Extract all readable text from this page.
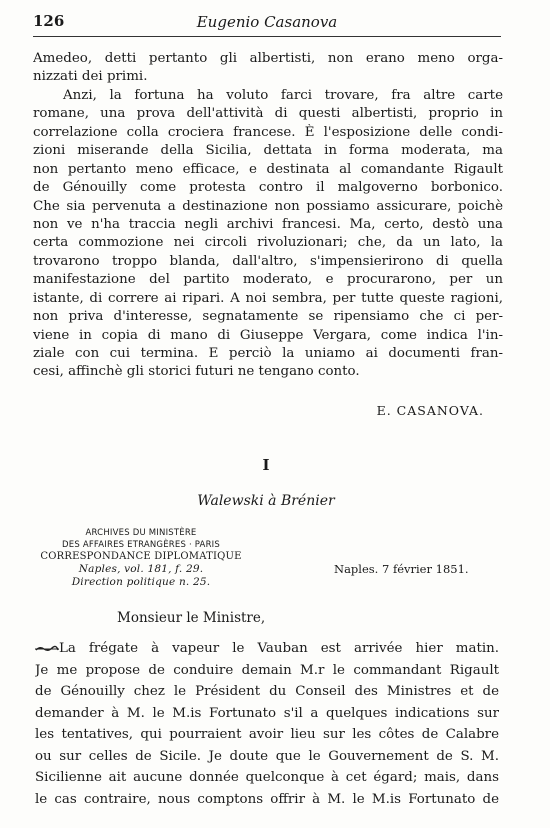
126	Eugenio Casanova
Amedeo, detti pertanto gli albertisti, non erano meno orga-
nizzati dei primi.
Anzi, la fortuna ha voluto farci trovare, fra altre carte
romane, una prova dell'attività di questi albertisti, proprio in
correlazione colla crociera francese. È l'esposizione delle condi-
zioni miserande della Sicilia, dettata in forma moderata, ma
non pertanto meno efficace, e destinata al comandante Rigault
de Génouilly come protesta contro il malgoverno borbonico.
Che sia pervenuta a destinazione non possiamo assicurare, poichè
non ve n'ha traccia negli archivi francesi. Ma, certo, destò una
certa commozione nei circoli rivoluzionari; che, da un lato, la
trovarono troppo blanda, dall'altro, s'impensierirono di quella
manifestazione del partito moderato, e procurarono, per un
istante, di correre ai ripari. A noi sembra, per tutte queste ragioni,
non priva d'interesse, segnatamente se ripensiamo che ci per-
viene in copia di mano di Giuseppe Vergara, come indica l'in-
ziale con cui termina. E perciò la uniamo ai documenti fran-
cesi, affinchè gli storici futuri ne tengano conto.
E. CASANOVA.
I
Walewski à Brénier
ARCHIVES DU MINISTÈRE
DES AFFAIRES ETRANGÈRES · PARIS
CORRESPONDANCE DIPLOMATIQUE
Naples, vol. 181, f. 29.
Direction politique n. 25.
Naples. 7 février 1851.
Monsieur le Ministre,
La frégate à vapeur le Vauban est arrivée hier matin.
Je me propose de conduire demain M.r le commandant Rigault
de Génouilly chez le Président du Conseil des Ministres et de
demander à M. le M.is Fortunato s'il a quelques indications sur
les tentatives, qui pourraient avoir lieu sur les côtes de Calabre
ou sur celles de Sicile. Je doute que le Gouvernement de S. M.
Sicilienne ait aucune donnée quelconque à cet égard; mais, dans
le cas contraire, nous comptons offrir à M. le M.is Fortunato de
